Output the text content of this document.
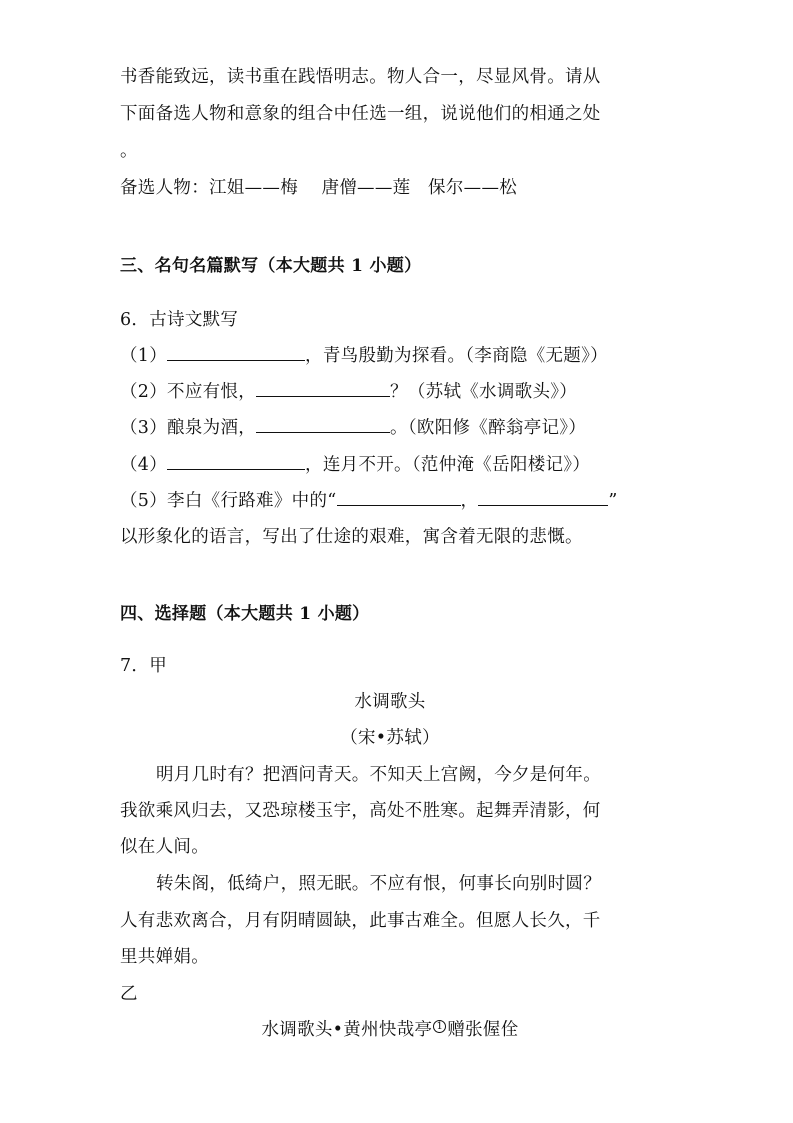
书香能致远，读书重在践悟明志。物人合一，尽显风骨。请从
下面备选人物和意象的组合中任选一组，说说他们的相通之处
。
备选人物：江姐——梅    唐僧——莲   保尔——松
三、名句名篇默写（本大题共 1 小题）
6．古诗文默写
（1）	，青鸟殷勤为探看。（李商隐《无题》）
（2）不应有恨，	？（苏轼《水调歌头》）
（3）酿泉为酒，	。（欧阳修《醉翁亭记》）
（4）	，连月不开。（范仲淹《岳阳楼记》）
（5）李白《行路难》中的“	，	”
以形象化的语言，写出了仕途的艰难，寓含着无限的悲慨。
四、选择题（本大题共 1 小题）
7．甲
水调歌头
（宋•苏轼）
明月几时有？把酒问青天。不知天上宫阙，今夕是何年。
我欲乘风归去，又恐琼楼玉宇，高处不胜寒。起舞弄清影，何
似在人间。
转朱阁，低绮户，照无眠。不应有恨，何事长向别时圆？
人有悲欢离合，月有阴晴圆缺，此事古难全。但愿人长久，千
里共婵娟。
乙
水调歌头•黄州快哉亭 $^1$ 赠张偓佺
